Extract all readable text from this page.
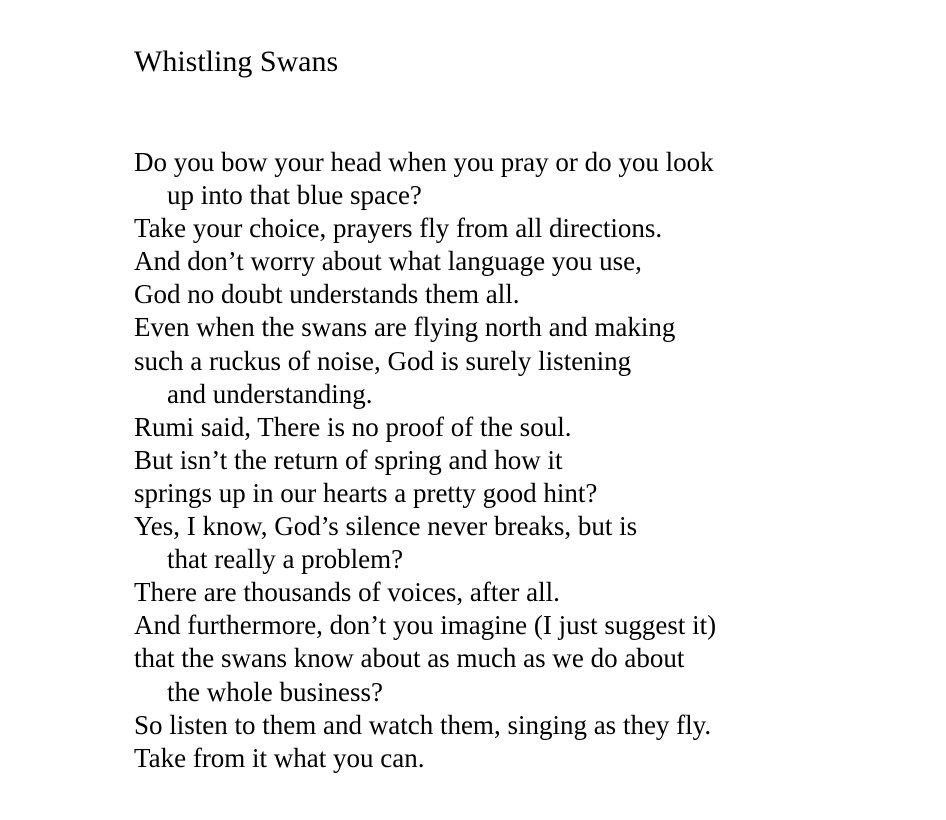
Whistling Swans
Do you bow your head when you pray or do you look
up into that blue space?
Take your choice, prayers fly from all directions.
And don’t worry about what language you use,
God no doubt understands them all.
Even when the swans are flying north and making
such a ruckus of noise, God is surely listening
and understanding.
Rumi said, There is no proof of the soul.
But isn’t the return of spring and how it
springs up in our hearts a pretty good hint?
Yes, I know, God’s silence never breaks, but is
that really a problem?
There are thousands of voices, after all.
And furthermore, don’t you imagine (I just suggest it)
that the swans know about as much as we do about
the whole business?
So listen to them and watch them, singing as they fly.
Take from it what you can.
